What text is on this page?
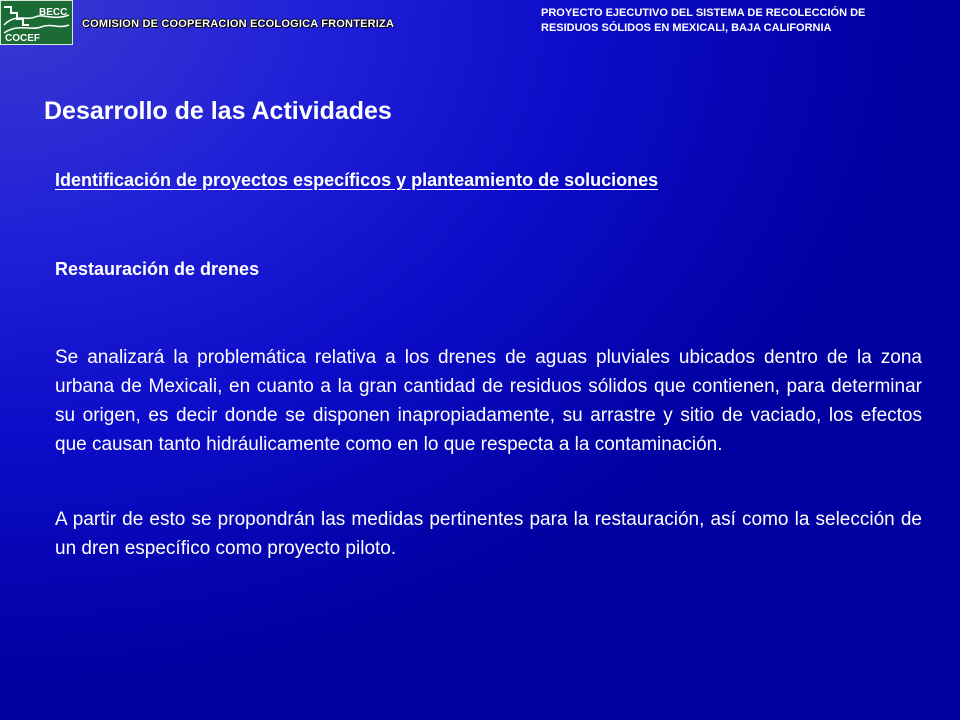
BECC
COCEF
COMISION DE COOPERACION ECOLOGICA FRONTERIZA
PROYECTO EJECUTIVO DEL SISTEMA DE RECOLECCIÓN DE
RESIDUOS SÓLIDOS EN MEXICALI, BAJA CALIFORNIA
Desarrollo de las Actividades
Identificación de proyectos específicos y planteamiento de soluciones
Restauración de drenes

Se analizará la problemática relativa a los drenes de aguas pluviales ubicados dentro de la zona urbana de Mexicali, en cuanto a la gran cantidad de residuos sólidos que contienen, para determinar su origen, es decir donde se disponen inapropiadamente, su arrastre y sitio de vaciado, los efectos que causan tanto hidráulicamente como en lo que respecta a la contaminación.

A partir de esto se propondrán las medidas pertinentes para la restauración, así como la selección de un dren específico como proyecto piloto.
